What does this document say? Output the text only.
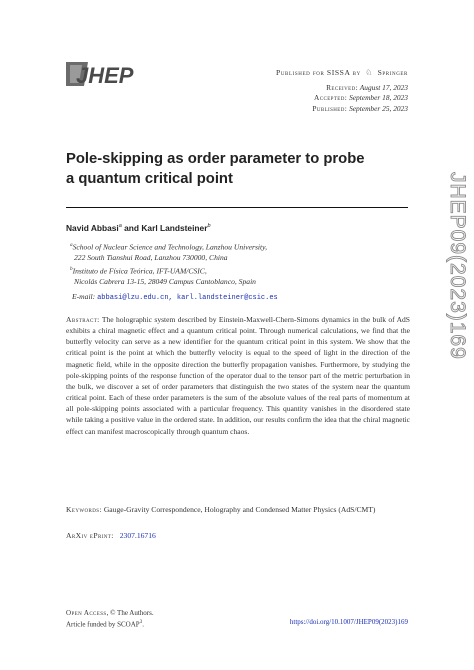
JHEP	Published for SISSA by ♘ Springer
Received: August 17, 2023
Accepted: September 18, 2023
Published: September 25, 2023
Pole-skipping as order parameter to probe a quantum critical point	JHEP09(2023)169
Navid Abbasi$^a$ and Karl Landsteiner$^b$
$^a$School of Nuclear Science and Technology, Lanzhou University,
222 South Tianshui Road, Lanzhou 730000, China
$^b$Instituto de Física Teórica, IFT-UAM/CSIC,
Nicolás Cabrera 13-15, 28049 Campus Cantoblanco, Spain
E-mail: abbasi@lzu.edu.cn, karl.landsteiner@csic.es

Abstract: The holographic system described by Einstein-Maxwell-Chern-Simons dynamics in the bulk of AdS exhibits a chiral magnetic effect and a quantum critical point. Through numerical calculations, we find that the butterfly velocity can serve as a new identifier for the quantum critical point in this system. We show that the critical point is the point at which the butterfly velocity is equal to the speed of light in the direction of the magnetic field, while in the opposite direction the butterfly propagation vanishes. Furthermore, by studying the pole-skipping points of the response function of the operator dual to the tensor part of the metric perturbation in the bulk, we discover a set of order parameters that distinguish the two states of the system near the quantum critical point. Each of these order parameters is the sum of the absolute values of the real parts of momentum at all pole-skipping points associated with a particular frequency. This quantity vanishes in the disordered state while taking a positive value in the ordered state. In addition, our results confirm the idea that the chiral magnetic effect can manifest macroscopically through quantum chaos.

Keywords: Gauge-Gravity Correspondence, Holography and Condensed Matter Physics (AdS/CMT)
ArXiv ePrint: 2307.16716
Open Access, © The Authors.
Article funded by SCOAP$^3$.	https://doi.org/10.1007/JHEP09(2023)169
